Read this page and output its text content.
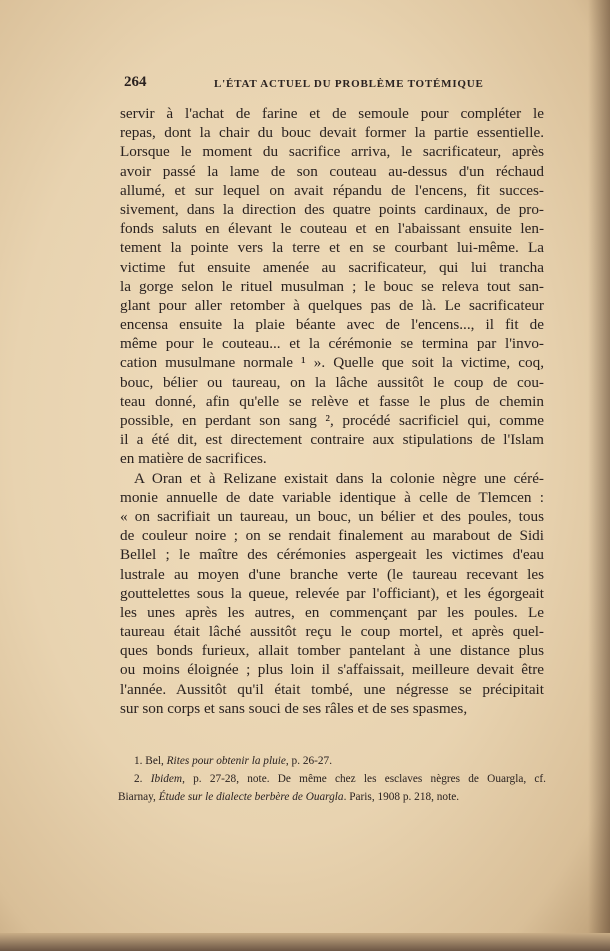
264	L'ÉTAT ACTUEL DU PROBLÈME TOTÉMIQUE
servir à l'achat de farine et de semoule pour compléter le
repas, dont la chair du bouc devait former la partie essentielle.
Lorsque le moment du sacrifice arriva, le sacrificateur, après
avoir passé la lame de son couteau au-dessus d'un réchaud
allumé, et sur lequel on avait répandu de l'encens, fit succes-
sivement, dans la direction des quatre points cardinaux, de pro-
fonds saluts en élevant le couteau et en l'abaissant ensuite len-
tement la pointe vers la terre et en se courbant lui-même. La
victime fut ensuite amenée au sacrificateur, qui lui trancha
la gorge selon le rituel musulman ; le bouc se releva tout san-
glant pour aller retomber à quelques pas de là. Le sacrificateur
encensa ensuite la plaie béante avec de l'encens..., il fit de
même pour le couteau... et la cérémonie se termina par l'invo-
cation musulmane normale ¹ ». Quelle que soit la victime, coq,
bouc, bélier ou taureau, on la lâche aussitôt le coup de cou-
teau donné, afin qu'elle se relève et fasse le plus de chemin
possible, en perdant son sang ², procédé sacrificiel qui, comme
il a été dit, est directement contraire aux stipulations de l'Islam
en matière de sacrifices.
A Oran et à Relizane existait dans la colonie nègre une céré-
monie annuelle de date variable identique à celle de Tlemcen :
« on sacrifiait un taureau, un bouc, un bélier et des poules, tous
de couleur noire ; on se rendait finalement au marabout de Sidi
Bellel ; le maître des cérémonies aspergeait les victimes d'eau
lustrale au moyen d'une branche verte (le taureau recevant les
gouttelettes sous la queue, relevée par l'officiant), et les égorgeait
les unes après les autres, en commençant par les poules. Le
taureau était lâché aussitôt reçu le coup mortel, et après quel-
ques bonds furieux, allait tomber pantelant à une distance plus
ou moins éloignée ; plus loin il s'affaissait, meilleure devait être
l'année. Aussitôt qu'il était tombé, une négresse se précipitait
sur son corps et sans souci de ses râles et de ses spasmes,
1. Bel, Rites pour obtenir la pluie, p. 26-27.
2. Ibidem, p. 27-28, note. De même chez les esclaves nègres de Ouargla, cf.
Biarnay, Étude sur le dialecte berbère de Ouargla. Paris, 1908 p. 218, note.
